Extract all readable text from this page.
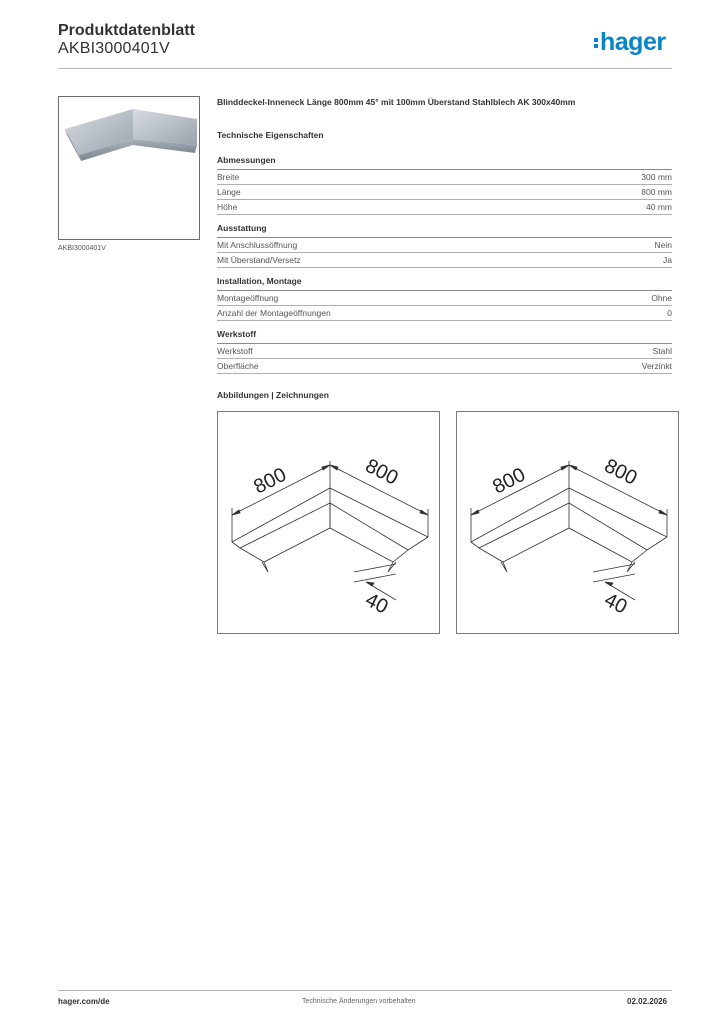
Produktdatenblatt
AKBI3000401V	hager
AKBI3000401V
Blinddeckel-Inneneck Länge 800mm 45° mit 100mm Überstand Stahlblech AK 300x40mm
Technische Eigenschaften
Abmessungen
Breite	300 mm
Länge	800 mm
Höhe	40 mm
Ausstattung
Mit Anschlussöffnung	Nein
Mit Überstand/Versetz	Ja
Installation, Montage
Montageöffnung	Ohne
Anzahl der Montageöffnungen	0
Werkstoff
Werkstoff	Stahl
Oberfläche	Verzinkt
Abbildungen | Zeichnungen
800	800
40
800	800
40
hager.com/de	Technische Änderungen vorbehalten	02.02.2026
